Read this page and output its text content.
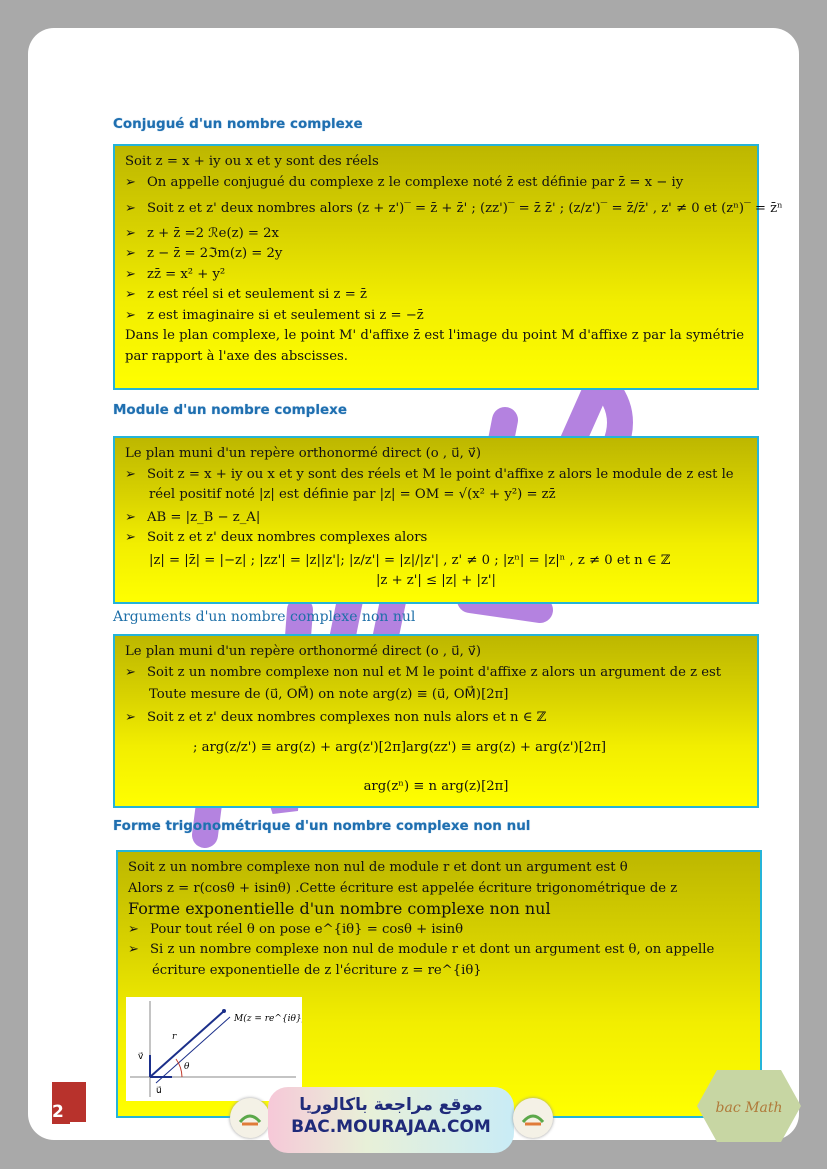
Conjugué d'un nombre complexe
Soit z = x + iy ou x et y sont des réels
➢ On appelle conjugué du complexe z le complexe noté z̄ est définie par z̄ = x − iy
➢ Soit z et z' deux nombres alors (z + z')‾ = z̄ + z̄' ; (zz')‾ = z̄ z̄' ; (z/z')‾ = z̄/z̄' , z' ≠ 0 et (zⁿ)‾ = z̄ⁿ
➢ z + z̄ =2 ℛe(z) = 2x
➢ z − z̄ = 2ℑm(z) = 2y
➢ zz̄ = x² + y²
➢ z est réel si et seulement si z = z̄
➢ z est imaginaire si et seulement si z = −z̄
Dans le plan complexe, le point M' d'affixe z̄ est l'image du point M d'affixe z par la symétrie
par rapport à l'axe des abscisses.
Module d'un nombre complexe
Le plan muni d'un repère orthonormé direct (o , u⃗, v⃗)
➢ Soit z = x + iy ou x et y sont des réels et M le point d'affixe z alors le module de z est le
réel positif noté |z| est définie par |z| = OM = √(x² + y²) = zz̄
➢ AB = |z_B − z_A|
➢ Soit z et z' deux nombres complexes alors
|z| = |z̄| = |−z| ; |zz'| = |z||z'|; |z/z'| = |z|/|z'| , z' ≠ 0 ; |zⁿ| = |z|ⁿ , z ≠ 0 et n ∈ ℤ
|z + z'| ≤ |z| + |z'|
Arguments d'un nombre complexe non nul
Le plan muni d'un repère orthonormé direct (o , u⃗, v⃗)
➢ Soit z un nombre complexe non nul et M le point d'affixe z alors un argument de z est
Toute mesure de (u⃗, OM⃗) on note arg(z) ≡ (u⃗, OM⃗)[2π]
➢ Soit z et z' deux nombres complexes non nuls alors et n ∈ ℤ
; arg(z/z') ≡ arg(z) + arg(z')[2π]arg(zz') ≡ arg(z) + arg(z')[2π]
arg(zⁿ) ≡ n arg(z)[2π]
Forme trigonométrique d'un nombre complexe non nul
Soit z un nombre complexe non nul de module r et dont un argument est θ
Alors z = r(cosθ + isinθ) .Cette écriture est appelée écriture trigonométrique de z
Forme exponentielle d'un nombre complexe non nul
➢ Pour tout réel θ on pose e^{iθ} = cosθ + isinθ
➢ Si z un nombre complexe non nul de module r et dont un argument est θ, on appelle
écriture exponentielle de z l'écriture z = re^{iθ}
M(z = re^{iθ})
r
θ
u⃗
v⃗
2	موقع مراجعة باكالوريا
BAC.MOURAJAA.COM
bac Math
